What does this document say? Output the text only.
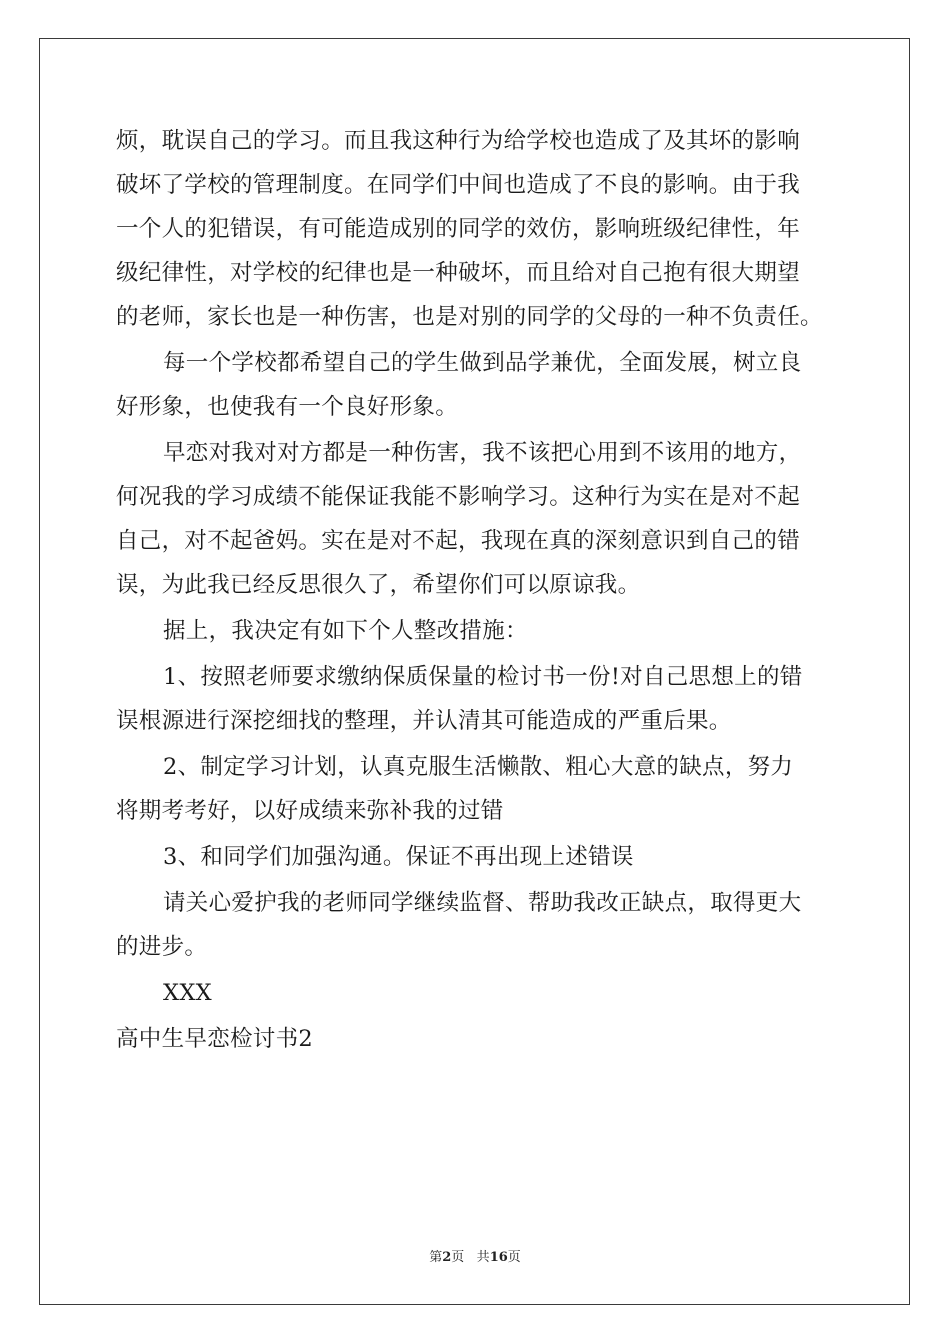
烦，耽误自己的学习。而且我这种行为给学校也造成了及其坏的影响
破坏了学校的管理制度。在同学们中间也造成了不良的影响。由于我
一个人的犯错误，有可能造成别的同学的效仿，影响班级纪律性，年
级纪律性，对学校的纪律也是一种破坏，而且给对自己抱有很大期望
的老师，家长也是一种伤害，也是对别的同学的父母的一种不负责任。
每一个学校都希望自己的学生做到品学兼优，全面发展，树立良
好形象，也使我有一个良好形象。
早恋对我对对方都是一种伤害，我不该把心用到不该用的地方，
何况我的学习成绩不能保证我能不影响学习。这种行为实在是对不起
自己，对不起爸妈。实在是对不起，我现在真的深刻意识到自己的错
误，为此我已经反思很久了，希望你们可以原谅我。
据上，我决定有如下个人整改措施：
1、按照老师要求缴纳保质保量的检讨书一份!对自己思想上的错
误根源进行深挖细找的整理，并认清其可能造成的严重后果。
2、制定学习计划，认真克服生活懒散、粗心大意的缺点，努力
将期考考好，以好成绩来弥补我的过错
3、和同学们加强沟通。保证不再出现上述错误
请关心爱护我的老师同学继续监督、帮助我改正缺点，取得更大
的进步。
XXX
高中生早恋检讨书2
第2页 共16页
